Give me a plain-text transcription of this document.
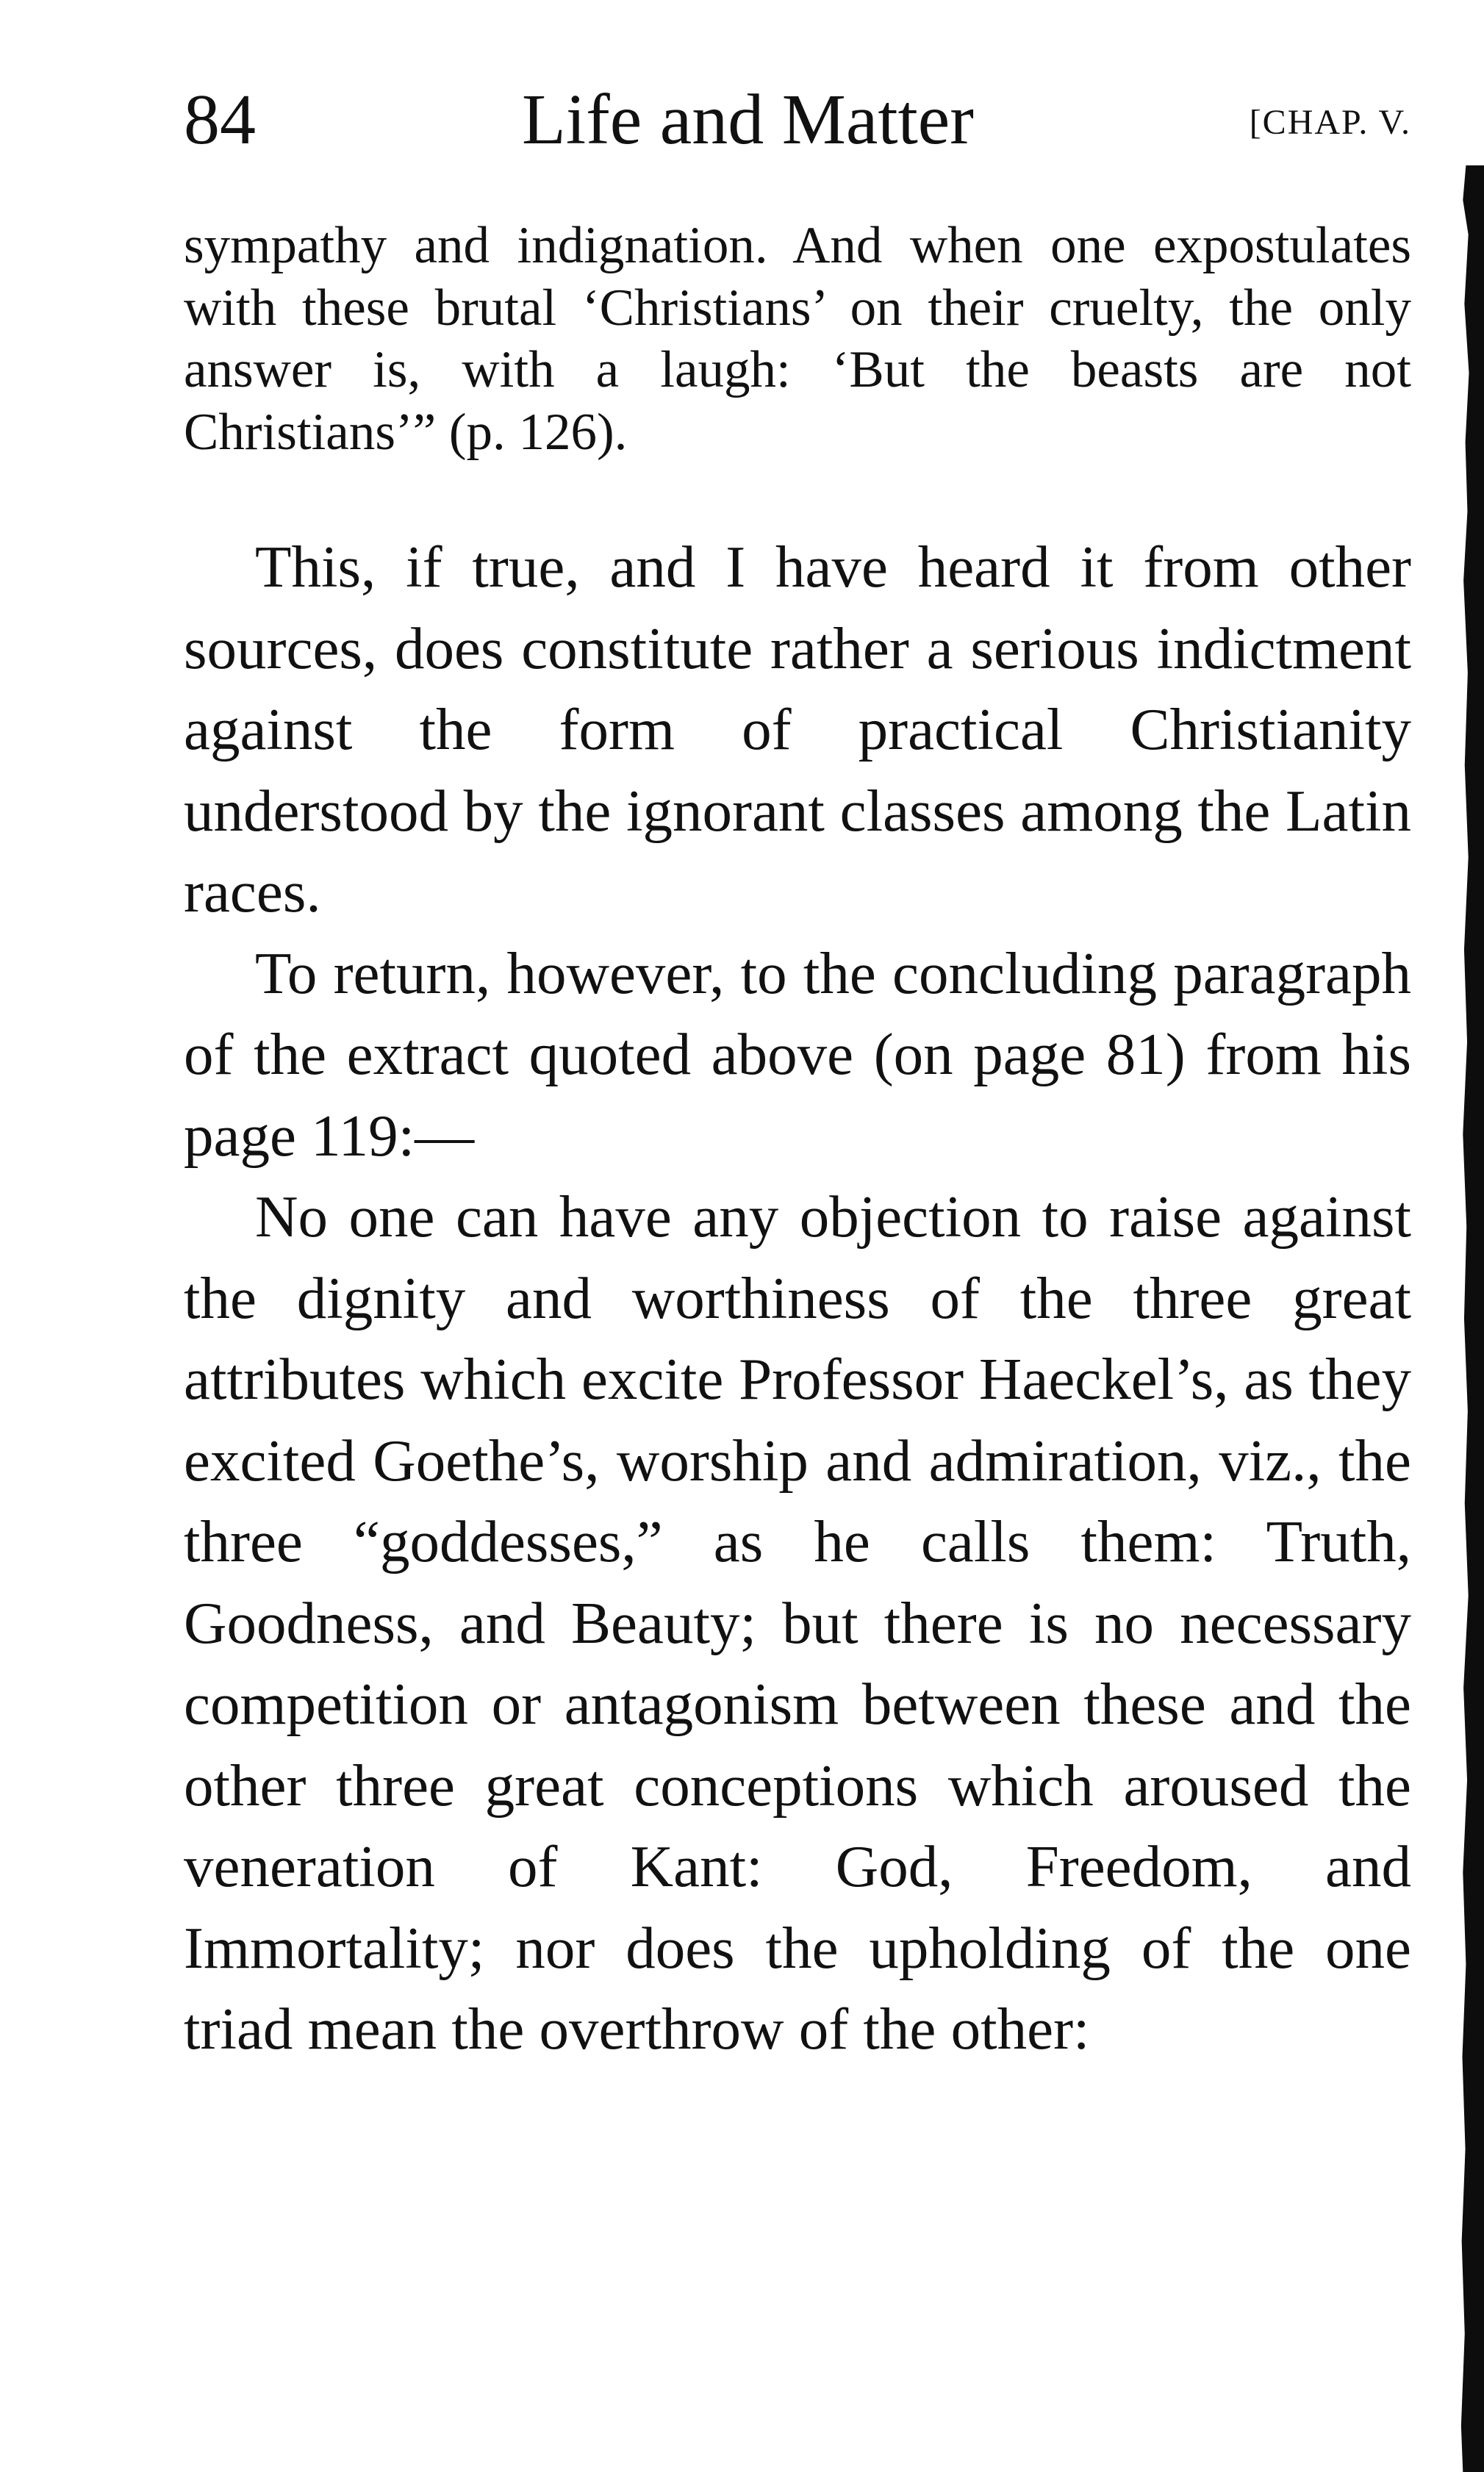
84	Life and Matter	[CHAP. V.
sympathy and indignation. And when one expostulates with these brutal ‘Christians’ on their cruelty, the only answer is, with a laugh: ‘But the beasts are not Christians’” (p. 126).

This, if true, and I have heard it from other sources, does constitute rather a serious indictment against the form of practical Christianity understood by the ignorant classes among the Latin races.

To return, however, to the concluding paragraph of the extract quoted above (on page 81) from his page 119:—

No one can have any objection to raise against the dignity and worthiness of the three great attributes which excite Professor Haeckel’s, as they excited Goethe’s, worship and admiration, viz., the three “goddesses,” as he calls them: Truth, Goodness, and Beauty; but there is no necessary competition or antagonism between these and the other three great conceptions which aroused the veneration of Kant: God, Freedom, and Immortality; nor does the upholding of the one triad mean the overthrow of the other:
